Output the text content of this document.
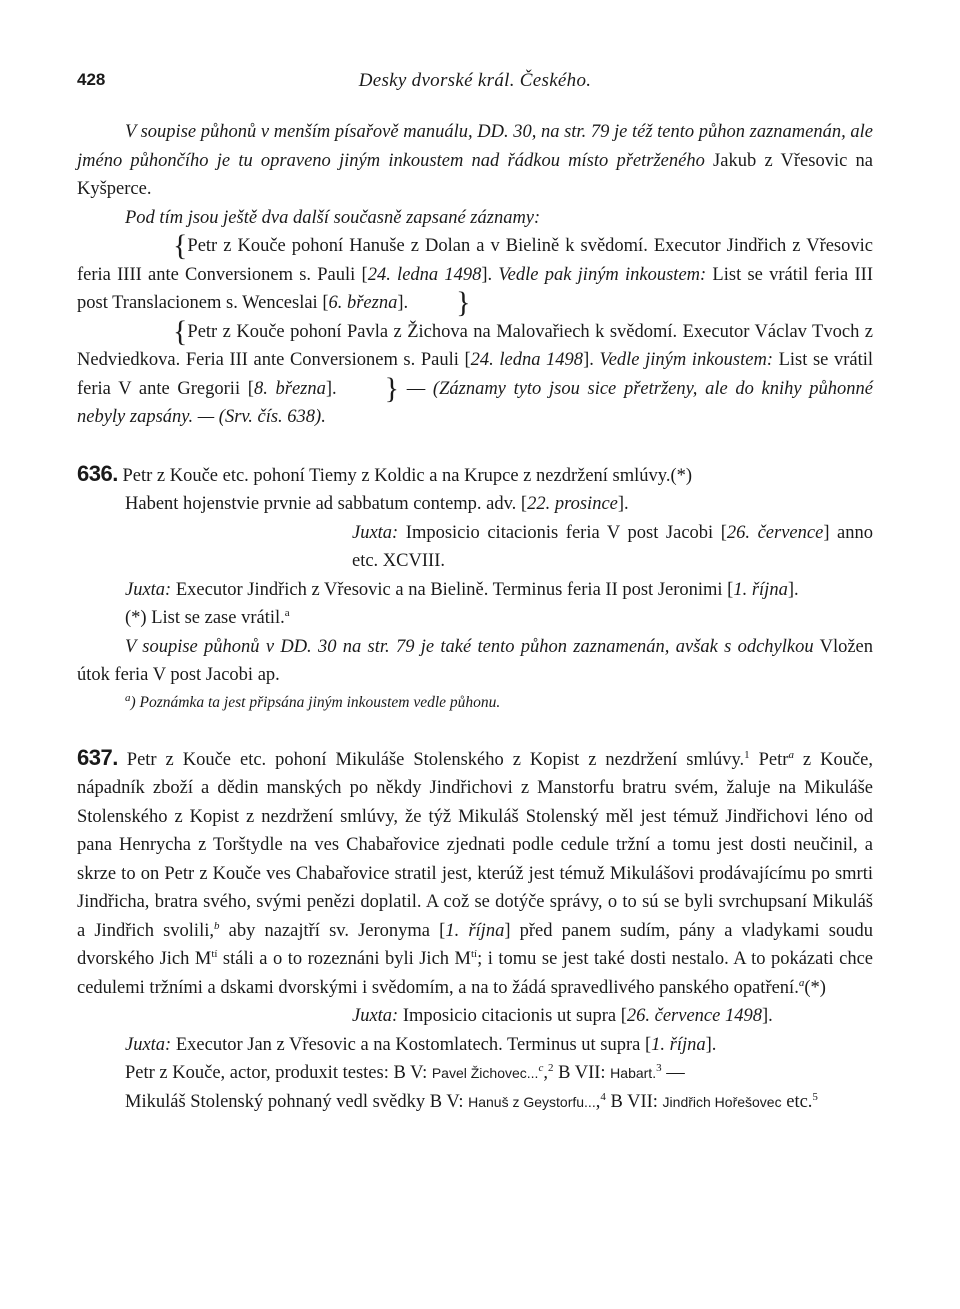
428	Desky dvorské král. Českého.

V soupise půhonů v menším písařově manuálu, DD. 30, na str. 79 je též tento půhon zaznamenán, ale jméno půhončího je tu opraveno jiným inkoustem nad řádkou místo přetrženého Jakub z Vřesovic na Kyšperce.

Pod tím jsou ještě dva další současně zapsané záznamy:

{Petr z Kouče pohoní Hanuše z Dolan a v Bielině k svědomí. Executor Jindřich z Vřesovic feria IIII ante Conversionem s. Pauli [24. ledna 1498]. Vedle pak jiným inkoustem: List se vrátil feria III post Translacionem s. Wenceslai [6. března]. }

{Petr z Kouče pohoní Pavla z Žichova na Malovařiech k svědomí. Executor Václav Tvoch z Nedviedkova. Feria III ante Conversionem s. Pauli [24. ledna 1498]. Vedle jiným inkoustem: List se vrátil feria V ante Gregorii [8. března]. } — (Záznamy tyto jsou sice přetrženy, ale do knihy půhonné nebyly zapsány. — (Srv. čís. 638).

636. Petr z Kouče etc. pohoní Tiemy z Koldic a na Krupce z nezdržení smlúvy.(*)

Habent hojenstvie prvnie ad sabbatum contemp. adv. [22. prosince].

Juxta: Imposicio citacionis feria V post Jacobi [26. července] anno etc. XCVIII.

Juxta: Executor Jindřich z Vřesovic a na Bielině. Terminus feria II post Jeronimi [1. října].

(*) List se zase vrátil.$^a$

V soupise půhonů v DD. 30 na str. 79 je také tento půhon zaznamenán, avšak s odchylkou Vložen útok feria V post Jacobi ap.

$^a$) Poznámka ta jest připsána jiným inkoustem vedle půhonu.

637. Petr z Kouče etc. pohoní Mikuláše Stolenského z Kopist z nezdržení smlúvy.$^1$ Petr$^a$ z Kouče, nápadník zboží a dědin manských po někdy Jindřichovi z Manstorfu bratru svém, žaluje na Mikuláše Stolenského z Kopist z nezdržení smlúvy, že týž Mikuláš Stolenský měl jest témuž Jindřichovi léno od pana Henrycha z Torštydle na ves Chabařovice zjednati podle cedule tržní a tomu jest dosti neučinil, a skrze to on Petr z Kouče ves Chabařovice stratil jest, kterúž jest témuž Mikulášovi prodávajícímu po smrti Jindřicha, bratra svého, svými penězi doplatil. A což se dotýče správy, o to sú se byli svrchupsaní Mikuláš a Jindřich svolili,$^b$ aby nazajtří sv. Jeronyma [1. října] před panem sudím, pány a vladykami soudu dvorského Jich $M^{tí}$ stáli a o to rozeznáni byli Jich $M^{tí}$; i tomu se jest také dosti nestalo. A to pokázati chce cedulemi tržními a dskami dvorskými i svědomím, a na to žádá spravedlivého panského opatření.$^a$(*)

Juxta: Imposicio citacionis ut supra [26. července 1498].

Juxta: Executor Jan z Vřesovic a na Kostomlatech. Terminus ut supra [1. října].

Petr z Kouče, actor, produxit testes: B V: Pavel Žichovec...$^c$,$^2$ B VII: Habart.$^3$ —

Mikuláš Stolenský pohnaný vedl svědky B V: Hanuš z Geystorfu...,$^4$ B VII: Jindřich Hořešovec etc.$^5$
